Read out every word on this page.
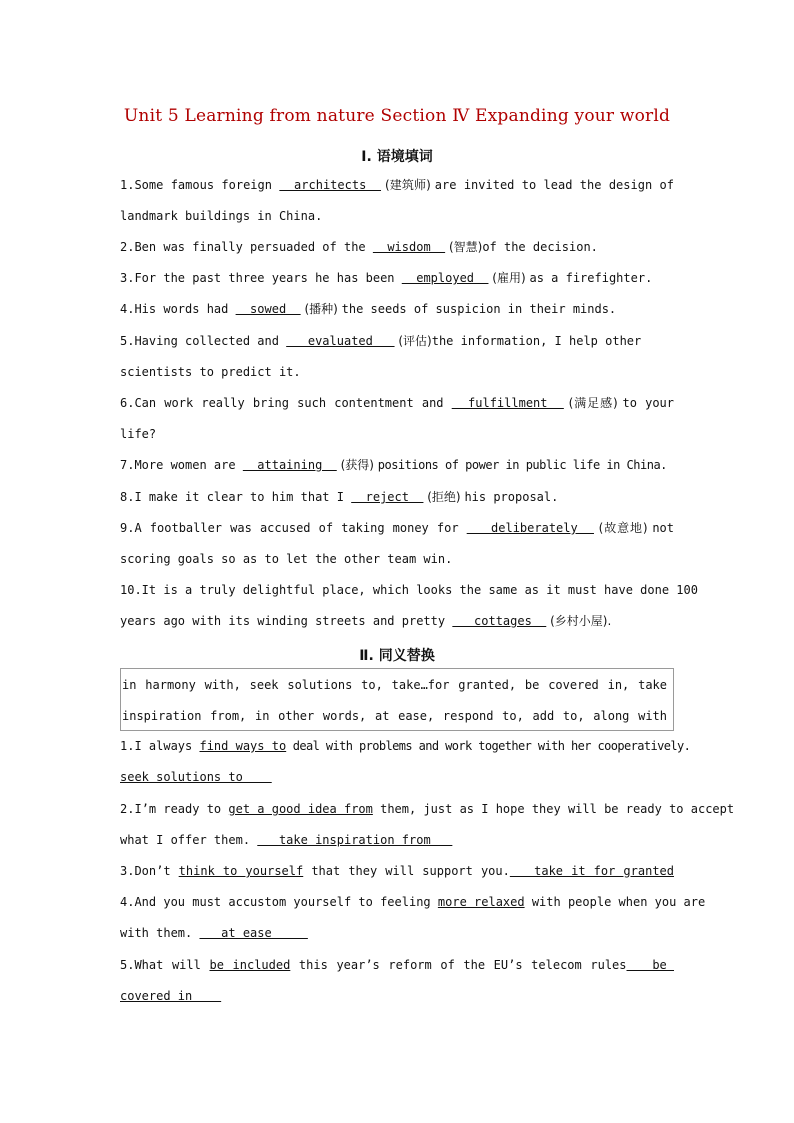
Unit 5 Learning from nature Section Ⅳ Expanding your world
Ⅰ. 语境填词
1.Some famous foreign   architects   (建筑师) are invited to lead the design of
landmark buildings in China.
2.Ben was finally persuaded of the   wisdom   (智慧)of the decision.
3.For the past three years he has been   employed   (雇用) as a firefighter.
4.His words had   sowed   (播种) the seeds of suspicion in their minds.
5.Having collected and    evaluated    (评估)the information, I help other
scientists to predict it.
6.Can work really bring such contentment and   fulfillment   (满足感) to your
life?
7.More women are   attaining   (获得) positions of power in public life in China.
8.I make it clear to him that I   reject   (拒绝) his proposal.
9.A footballer was accused of taking money for    deliberately   (故意地) not
scoring goals so as to let the other team win.
10.It is a truly delightful place, which looks the same as it must have done 100
years ago with its winding streets and pretty    cottages   (乡村小屋).
Ⅱ. 同义替换
in harmony with, seek solutions to, take…for granted, be covered in, take
inspiration from, in other words, at ease, respond to, add to, along with
1.I always find ways to deal with problems and work together with her cooperatively.
seek solutions to
2.I’m ready to get a good idea from them, just as I hope they will be ready to accept
what I offer them.    take inspiration from
3.Don’t think to yourself that they will support you.   take it for granted
4.And you must accustom yourself to feeling more relaxed with people when you are
with them.    at ease
5.What will be included this year’s reform of the EU’s telecom rules   be
covered in
